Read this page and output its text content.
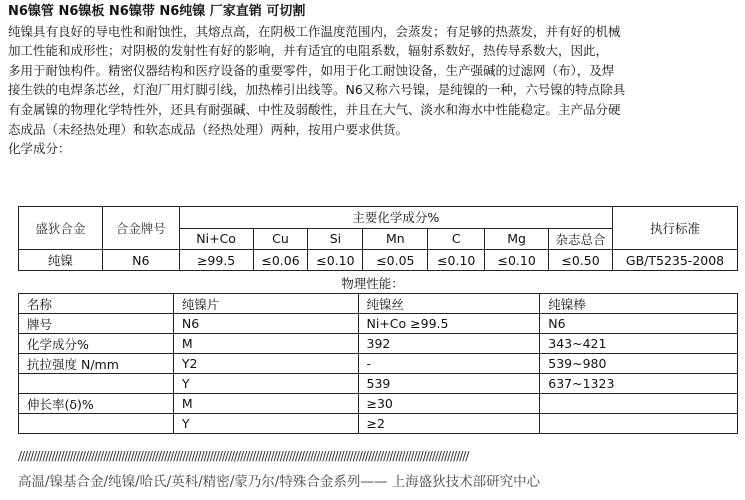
N6镍管 N6镍板 N6镍带 N6纯镍 厂家直销 可切割
纯镍具有良好的导电性和耐蚀性，其熔点高，在阴极工作温度范围内，会蒸发；有足够的热蒸发，并有好的机械
加工性能和成形性；对阴极的发射性有好的影响，并有适宜的电阻系数，辐射系数好，热传导系数大，因此，
多用于耐蚀构件。精密仪器结构和医疗设备的重要零件，如用于化工耐蚀设备，生产强碱的过滤网（布），及焊
接生铁的电焊条芯丝，灯泡厂用灯脚引线，加热棒引出线等。N6又称六号镍，是纯镍的一种，六号镍的特点除具
有金属镍的物理化学特性外，还具有耐强碱、中性及弱酸性，并且在大气、淡水和海水中性能稳定。主产品分硬
态成品（未经热处理）和软态成品（经热处理）两种，按用户要求供货。
化学成分：
盛狄合金	合金牌号	主要化学成分%							执行标准
		Ni+Co	Cu	Si	Mn	C	Mg	杂志总合	
纯镍	N6	≥99.5	≤0.06	≤0.10	≤0.05	≤0.10	≤0.10	≤0.50	GB/T5235-2008
物理性能：
名称	纯镍片	纯镍丝	纯镍棒
牌号	N6	Ni+Co ≥99.5	N6
化学成分%	M	392	343~421
抗拉强度 N/mm	Y2	-	539~980
	Y	539	637~1323
伸长率(δ)%	M	≥30	
	Y	≥2	
////////////////////////////////////////////////////////////////////////////////////////////////////////////////////////////////////////////////////
高温/镍基合金/纯镍/哈氏/英科/精密/蒙乃尔/特殊合金系列—— 上海盛狄技术部研究中心
